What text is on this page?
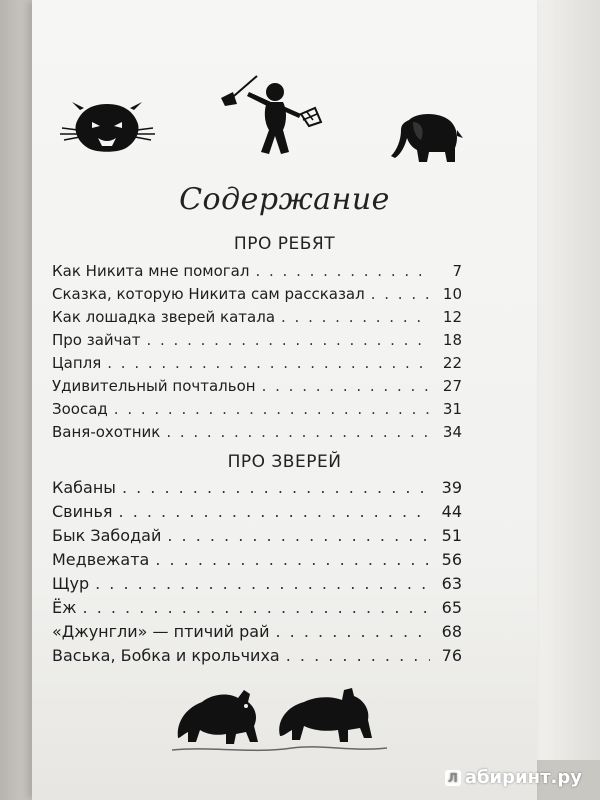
Содержание
ПРО РЕБЯТ
Как Никита мне помогал . . .	7
Сказка, которую Никита сам рассказал . . .	10
Как лошадка зверей катала . . .	12
Про зайчат . . .	18
Цапля . . .	22
Удивительный почтальон . . .	27
Зоосад . . .	31
Ваня-охотник . . .	34
ПРО ЗВЕРЕЙ
Кабаны . . .	39
Свинья . . .	44
Бык Забодай . . .	51
Медвежата . . .	56
Щур . . .	63
Ёж . . .	65
«Джунгли» — птичий рай . . .	68
Васька, Бобка и крольчиха . . .	76
Л абиринт.ру
